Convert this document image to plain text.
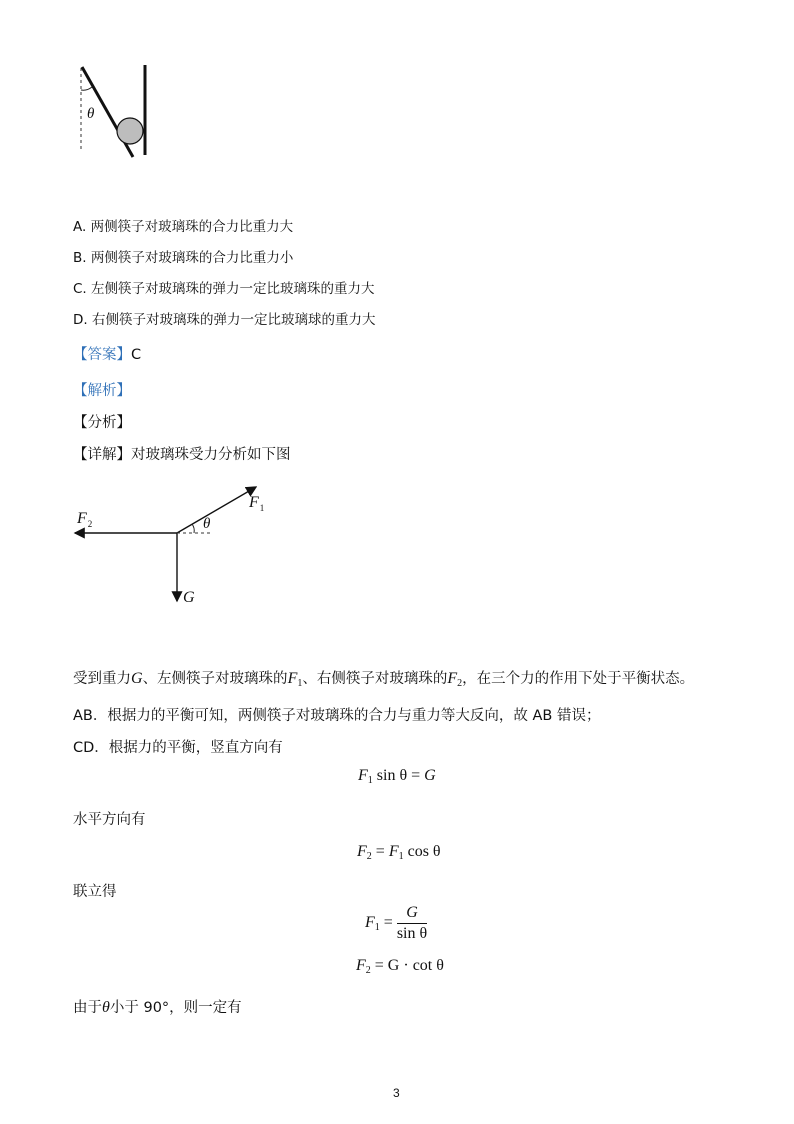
θ
A. 两侧筷子对玻璃珠的合力比重力大
B. 两侧筷子对玻璃珠的合力比重力小
C. 左侧筷子对玻璃珠的弹力一定比玻璃珠的重力大
D. 右侧筷子对玻璃珠的弹力一定比玻璃球的重力大
【答案】C
【解析】
【分析】
【详解】对玻璃珠受力分析如下图
θ
$F_1$
$F_2$
G
受到重力G、左侧筷子对玻璃珠的$F_1$、右侧筷子对玻璃珠的$F_2$，在三个力的作用下处于平衡状态。
AB．根据力的平衡可知，两侧筷子对玻璃珠的合力与重力等大反向，故 AB 错误；
CD．根据力的平衡，竖直方向有
$F_1$ sin θ = G
水平方向有
$F_2 = F_1$ cos θ
联立得
$F_1 = \frac{G}{\text{sin θ}}$
$F_2 = G \cdot \cot \theta$
由于θ小于 90°，则一定有
3
